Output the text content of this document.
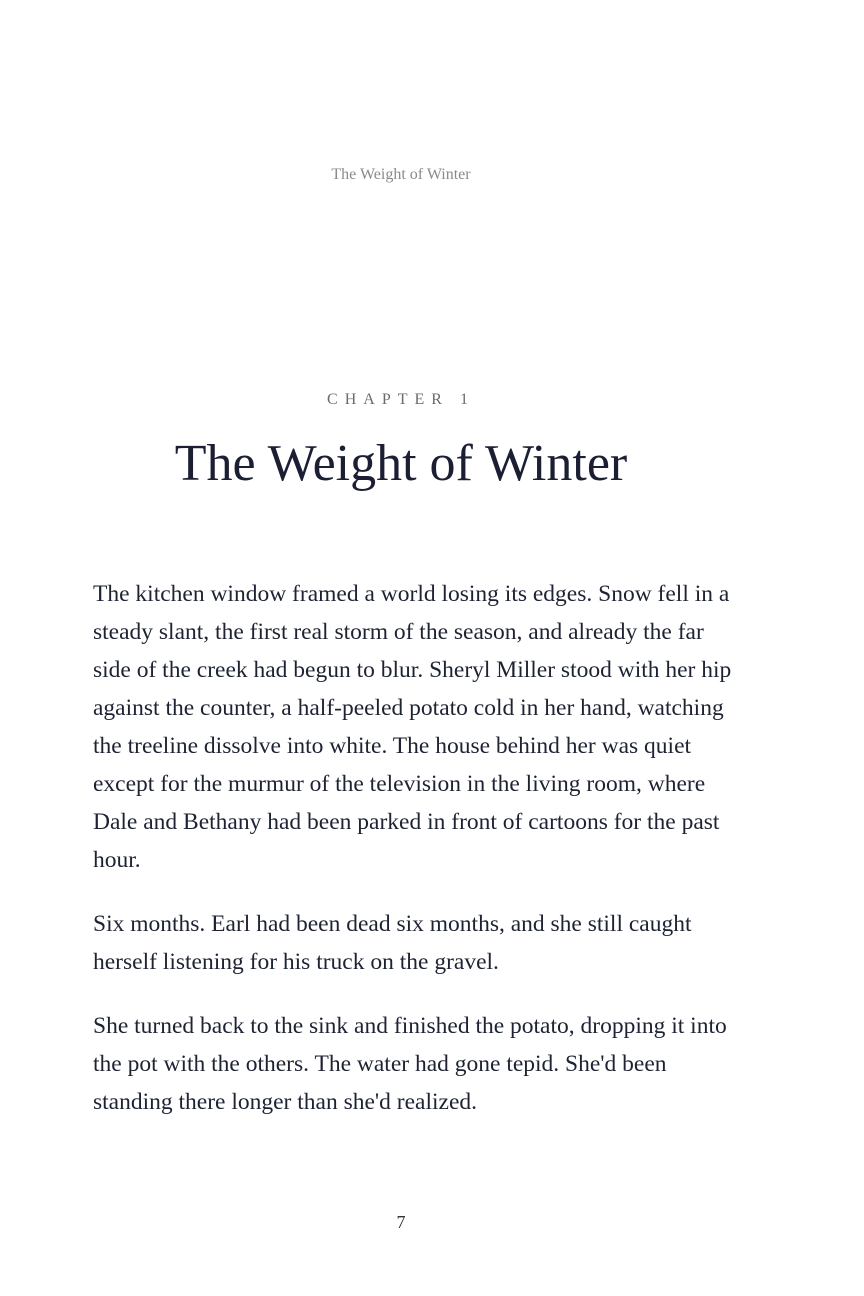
The Weight of Winter
CHAPTER 1
The Weight of Winter

The kitchen window framed a world losing its edges. Snow fell in a steady slant, the first real storm of the season, and already the far side of the creek had begun to blur. Sheryl Miller stood with her hip against the counter, a half-peeled potato cold in her hand, watching the treeline dissolve into white. The house behind her was quiet except for the murmur of the television in the living room, where Dale and Bethany had been parked in front of cartoons for the past hour.

Six months. Earl had been dead six months, and she still caught herself listening for his truck on the gravel.

She turned back to the sink and finished the potato, dropping it into the pot with the others. The water had gone tepid. She'd been standing there longer than she'd realized.

7
